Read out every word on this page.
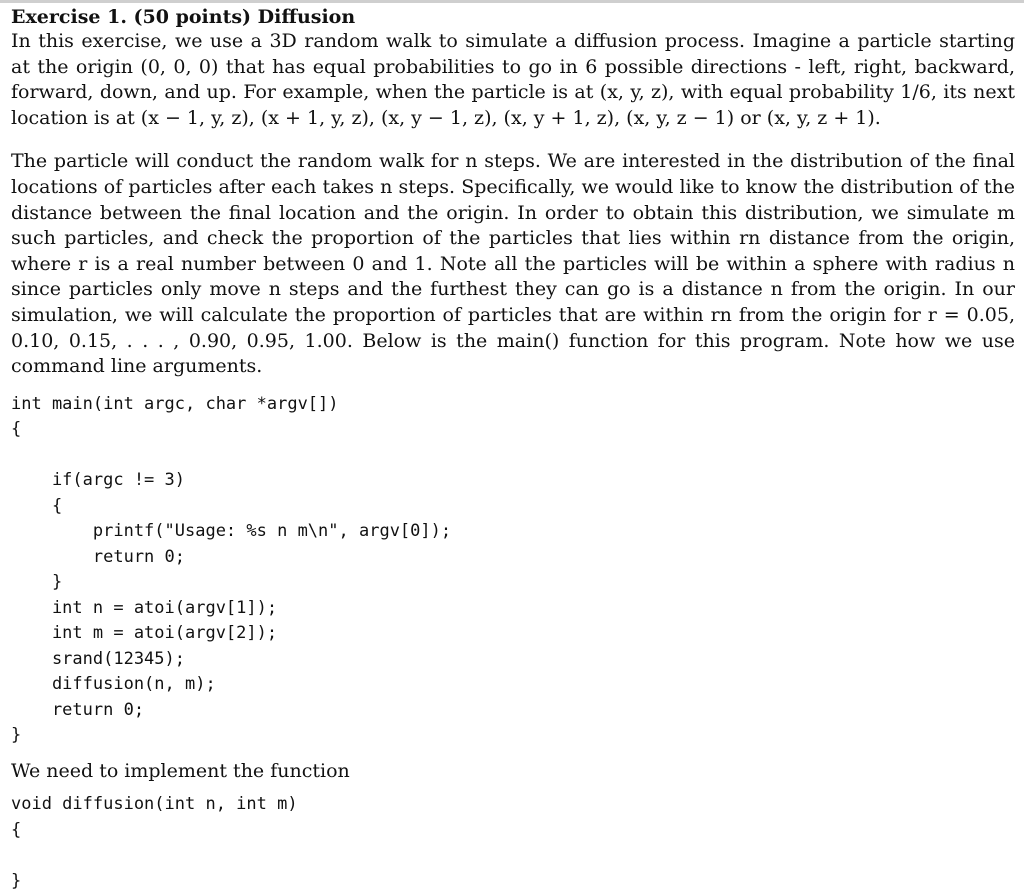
Exercise 1. (50 points) Diffusion

In this exercise, we use a 3D random walk to simulate a diffusion process. Imagine a particle starting at the origin (0, 0, 0) that has equal probabilities to go in 6 possible directions - left, right, backward, forward, down, and up. For example, when the particle is at (x, y, z), with equal probability 1/6, its next location is at (x − 1, y, z), (x + 1, y, z), (x, y − 1, z), (x, y + 1, z), (x, y, z − 1) or (x, y, z + 1).

The particle will conduct the random walk for n steps. We are interested in the distribution of the final locations of particles after each takes n steps. Specifically, we would like to know the distribution of the distance between the final location and the origin. In order to obtain this distribution, we simulate m such particles, and check the proportion of the particles that lies within rn distance from the origin, where r is a real number between 0 and 1. Note all the particles will be within a sphere with radius n since particles only move n steps and the furthest they can go is a distance n from the origin. In our simulation, we will calculate the proportion of particles that are within rn from the origin for r = 0.05, 0.10, 0.15, . . . , 0.90, 0.95, 1.00. Below is the main() function for this program. Note how we use command line arguments.

int main(int argc, char *argv[])
{

if(argc != 3)
{
printf("Usage: %s n m\n", argv[0]);
return 0;
}
int n = atoi(argv[1]);
int m = atoi(argv[2]);
srand(12345);
diffusion(n, m);
return 0;
}

We need to implement the function

void diffusion(int n, int m)
{

}
